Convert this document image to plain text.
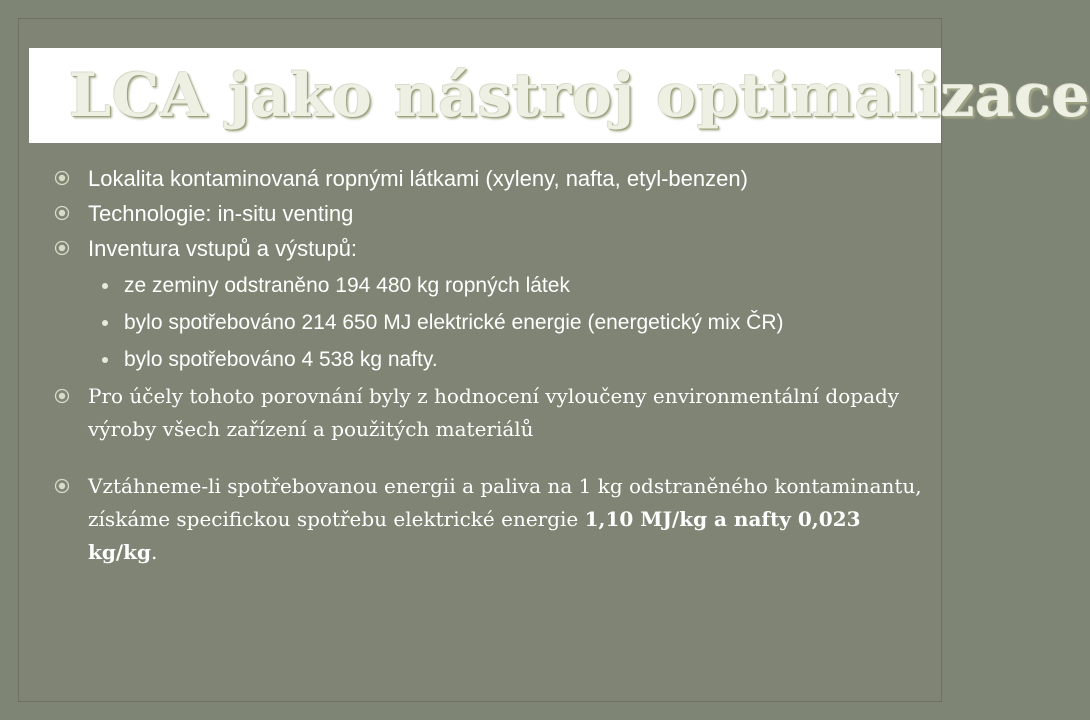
LCA jako nástroj optimalizace
Lokalita kontaminovaná ropnými látkami (xyleny, nafta, etyl-benzen)
Technologie: in-situ venting
Inventura vstupů a výstupů:
ze zeminy odstraněno 194 480 kg ropných látek
bylo spotřebováno 214 650 MJ elektrické energie (energetický mix ČR)
bylo spotřebováno 4 538 kg nafty.
Pro účely tohoto porovnání byly z hodnocení vyloučeny environmentální dopady výroby všech zařízení a použitých materiálů
Vztáhneme-li spotřebovanou energii a paliva na 1 kg odstraněného kontaminantu, získáme specifickou spotřebu elektrické energie 1,10 MJ/kg a nafty 0,023 kg/kg.
